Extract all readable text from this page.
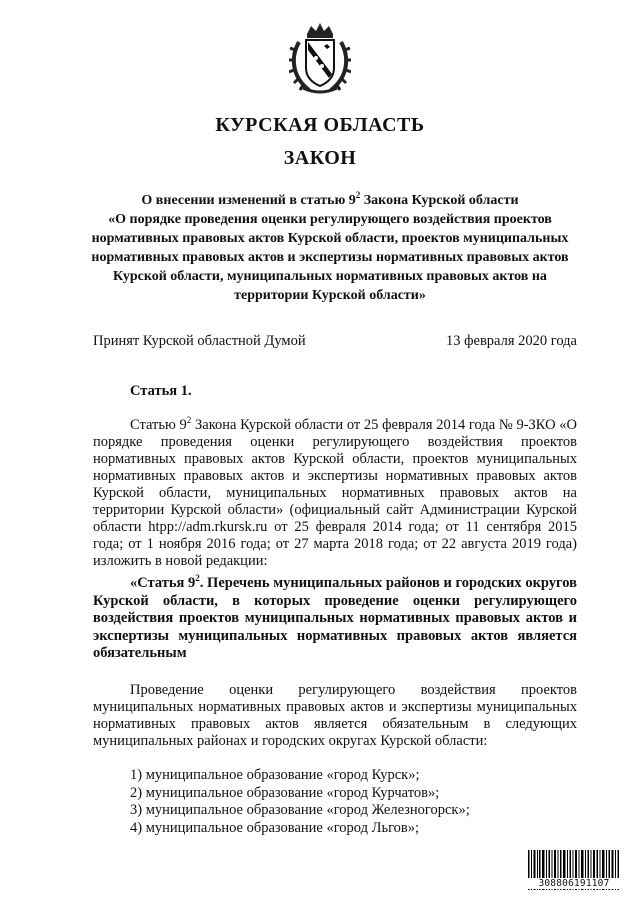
КУРСКАЯ ОБЛАСТЬ
ЗАКОН
О внесении изменений в статью $9^2$ Закона Курской области
«О порядке проведения оценки регулирующего воздействия проектов нормативных правовых актов Курской области, проектов муниципальных нормативных правовых актов и экспертизы нормативных правовых актов Курской области, муниципальных нормативных правовых актов на территории Курской области»
Принят Курской областной Думой	13 февраля 2020 года
Статья 1.
Статью $9^2$ Закона Курской области от 25 февраля 2014 года № 9-ЗКО «О порядке проведения оценки регулирующего воздействия проектов нормативных правовых актов Курской области, проектов муниципальных нормативных правовых актов и экспертизы нормативных правовых актов Курской области, муниципальных нормативных правовых актов на территории Курской области» (официальный сайт Администрации Курской области htpp://adm.rkursk.ru от 25 февраля 2014 года; от 11 сентября 2015 года; от 1 ноября 2016 года; от 27 марта 2018 года; от 22 августа 2019 года) изложить в новой редакции:
«Статья $9^2$. Перечень муниципальных районов и городских округов Курской области, в которых проведение оценки регулирующего воздействия проектов муниципальных нормативных правовых актов и экспертизы муниципальных нормативных правовых актов является обязательным
Проведение оценки регулирующего воздействия проектов муниципальных нормативных правовых актов и экспертизы муниципальных нормативных правовых актов является обязательным в следующих муниципальных районах и городских округах Курской области:
1) муниципальное образование «город Курск»;
2) муниципальное образование «город Курчатов»;
3) муниципальное образование «город Железногорск»;
4) муниципальное образование «город Льгов»;
308806191107
